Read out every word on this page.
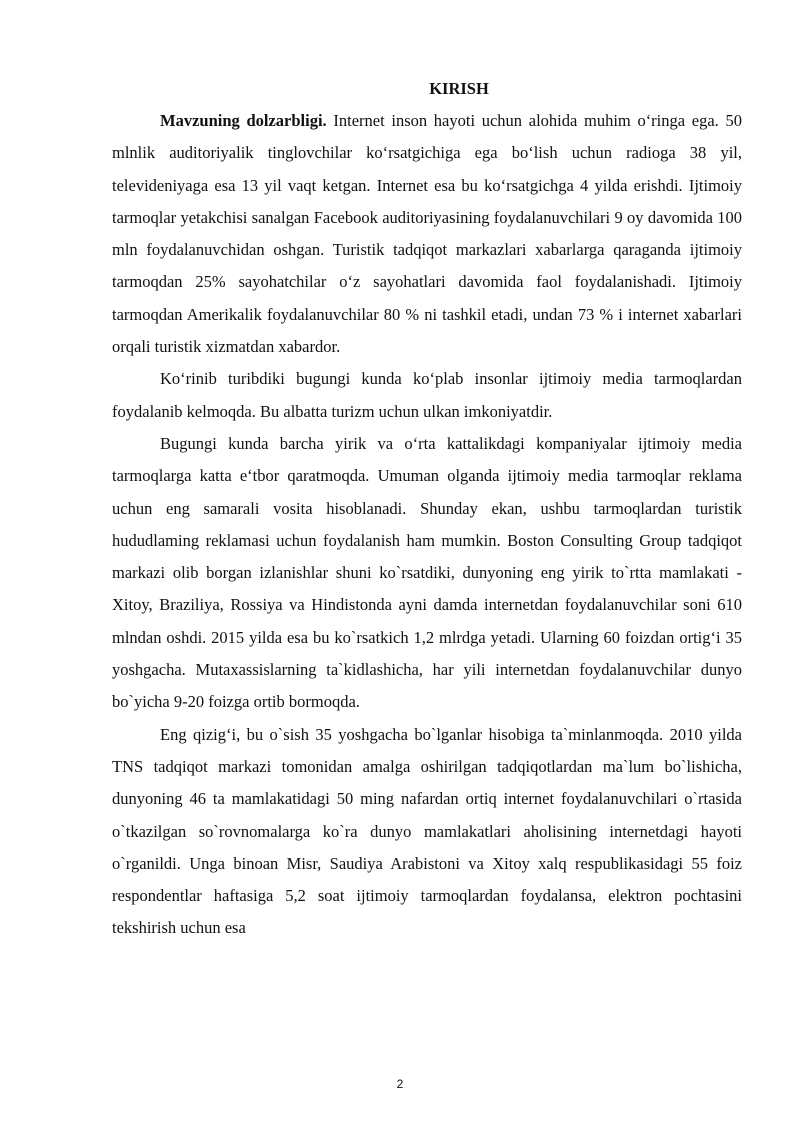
KIRISH

Mavzuning dolzarbligi. Internet inson hayoti uchun alohida muhim o‘ringa ega. 50 mlnlik auditoriyalik tinglovchilar ko‘rsatgichiga ega bo‘lish uchun radioga 38 yil, televideniyaga esa 13 yil vaqt ketgan. Internet esa bu ko‘rsatgichga 4 yilda erishdi. Ijtimoiy tarmoqlar yetakchisi sanalgan Facebook auditoriyasining foydalanuvchilari 9 oy davomida 100 mln foydalanuvchidan oshgan. Turistik tadqiqot markazlari xabarlarga qaraganda ijtimoiy tarmoqdan 25% sayohatchilar o‘z sayohatlari davomida faol foydalanishadi. Ijtimoiy tarmoqdan Amerikalik foydalanuvchilar 80 % ni tashkil etadi, undan 73 % i internet xabarlari orqali turistik xizmatdan xabardor.

Ko‘rinib turibdiki bugungi kunda ko‘plab insonlar ijtimoiy media tarmoqlardan foydalanib kelmoqda. Bu albatta turizm uchun ulkan imkoniyatdir.

Bugungi kunda barcha yirik va o‘rta kattalikdagi kompaniyalar ijtimoiy media tarmoqlarga katta e‘tbor qaratmoqda. Umuman olganda ijtimoiy media tarmoqlar reklama uchun eng samarali vosita hisoblanadi. Shunday ekan, ushbu tarmoqlardan turistik hududlaming reklamasi uchun foydalanish ham mumkin. Boston Consulting Group tadqiqot markazi olib borgan izlanishlar shuni ko`rsatdiki, dunyoning eng yirik to`rtta mamlakati - Xitoy, Braziliya, Rossiya va Hindistonda ayni damda internetdan foydalanuvchilar soni 610 mlndan oshdi. 2015 yilda esa bu ko`rsatkich 1,2 mlrdga yetadi. Ularning 60 foizdan ortig‘i 35 yoshgacha. Mutaxassislarning ta`kidlashicha, har yili internetdan foydalanuvchilar dunyo bo`yicha 9-20 foizga ortib bormoqda.

Eng qizig‘i, bu o`sish 35 yoshgacha bo`lganlar hisobiga ta`minlanmoqda. 2010 yilda TNS tadqiqot markazi tomonidan amalga oshirilgan tadqiqotlardan ma`lum bo`lishicha, dunyoning 46 ta mamlakatidagi 50 ming nafardan ortiq internet foydalanuvchilari o`rtasida o`tkazilgan so`rovnomalarga ko`ra dunyo mamlakatlari aholisining internetdagi hayoti o`rganildi. Unga binoan Misr, Saudiya Arabistoni va Xitoy xalq respublikasidagi 55 foiz respondentlar haftasiga 5,2 soat ijtimoiy tarmoqlardan foydalansa, elektron pochtasini tekshirish uchun esa

2
